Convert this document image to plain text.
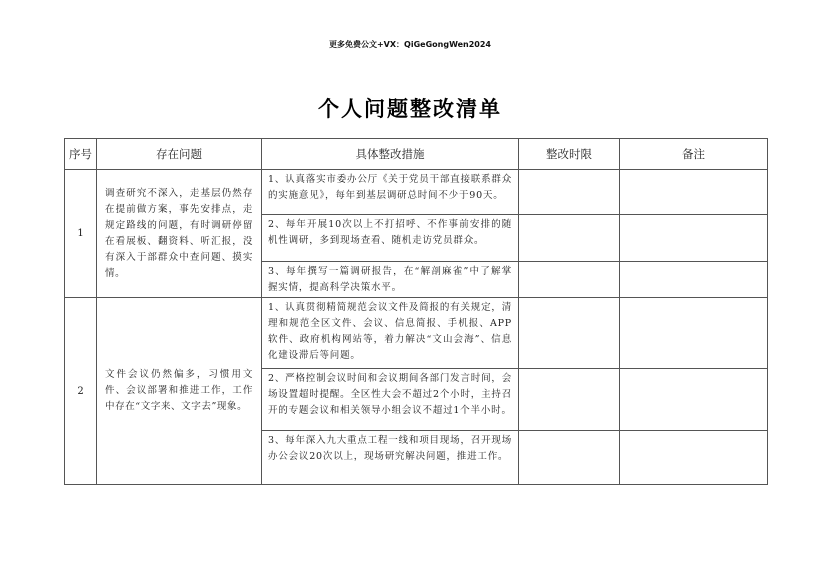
更多免费公文+VX：QiGeGongWen2024
个人问题整改清单
序号	存在问题	具体整改措施	整改时限	备注
1	调查研究不深入，走基层仍然存在提前做方案，事先安排点，走规定路线的问题，有时调研停留在看展板、翻资料、听汇报，没有深入于部群众中查问题、摸实情。	1、认真落实市委办公厅《关于党员干部直接联系群众的实施意见》，每年到基层调研总时间不少于90天。		
		2、每年开展10次以上不打招呼、不作事前安排的随机性调研，多到现场查看、随机走访党员群众。		
		3、每年撰写一篇调研报告，在“解剖麻雀”中了解掌握实情，提高科学决策水平。		
2	文件会议仍然偏多，习惯用文件、会议部署和推进工作，工作中存在“文字来、文字去”现象。	1、认真贯彻精简规范会议文件及简报的有关规定，清理和规范全区文件、会议、信息简报、手机报、APP软件、政府机构网站等，着力解决“文山会海”、信息化建设滞后等问题。		
		2、严格控制会议时间和会议期间各部门发言时间，会场设置超时提醒。全区性大会不超过2个小时，主持召开的专题会议和相关领导小组会议不超过1个半小时。		
		3、每年深入九大重点工程一线和项目现场，召开现场办公会议20次以上，现场研究解决问题，推进工作。		
